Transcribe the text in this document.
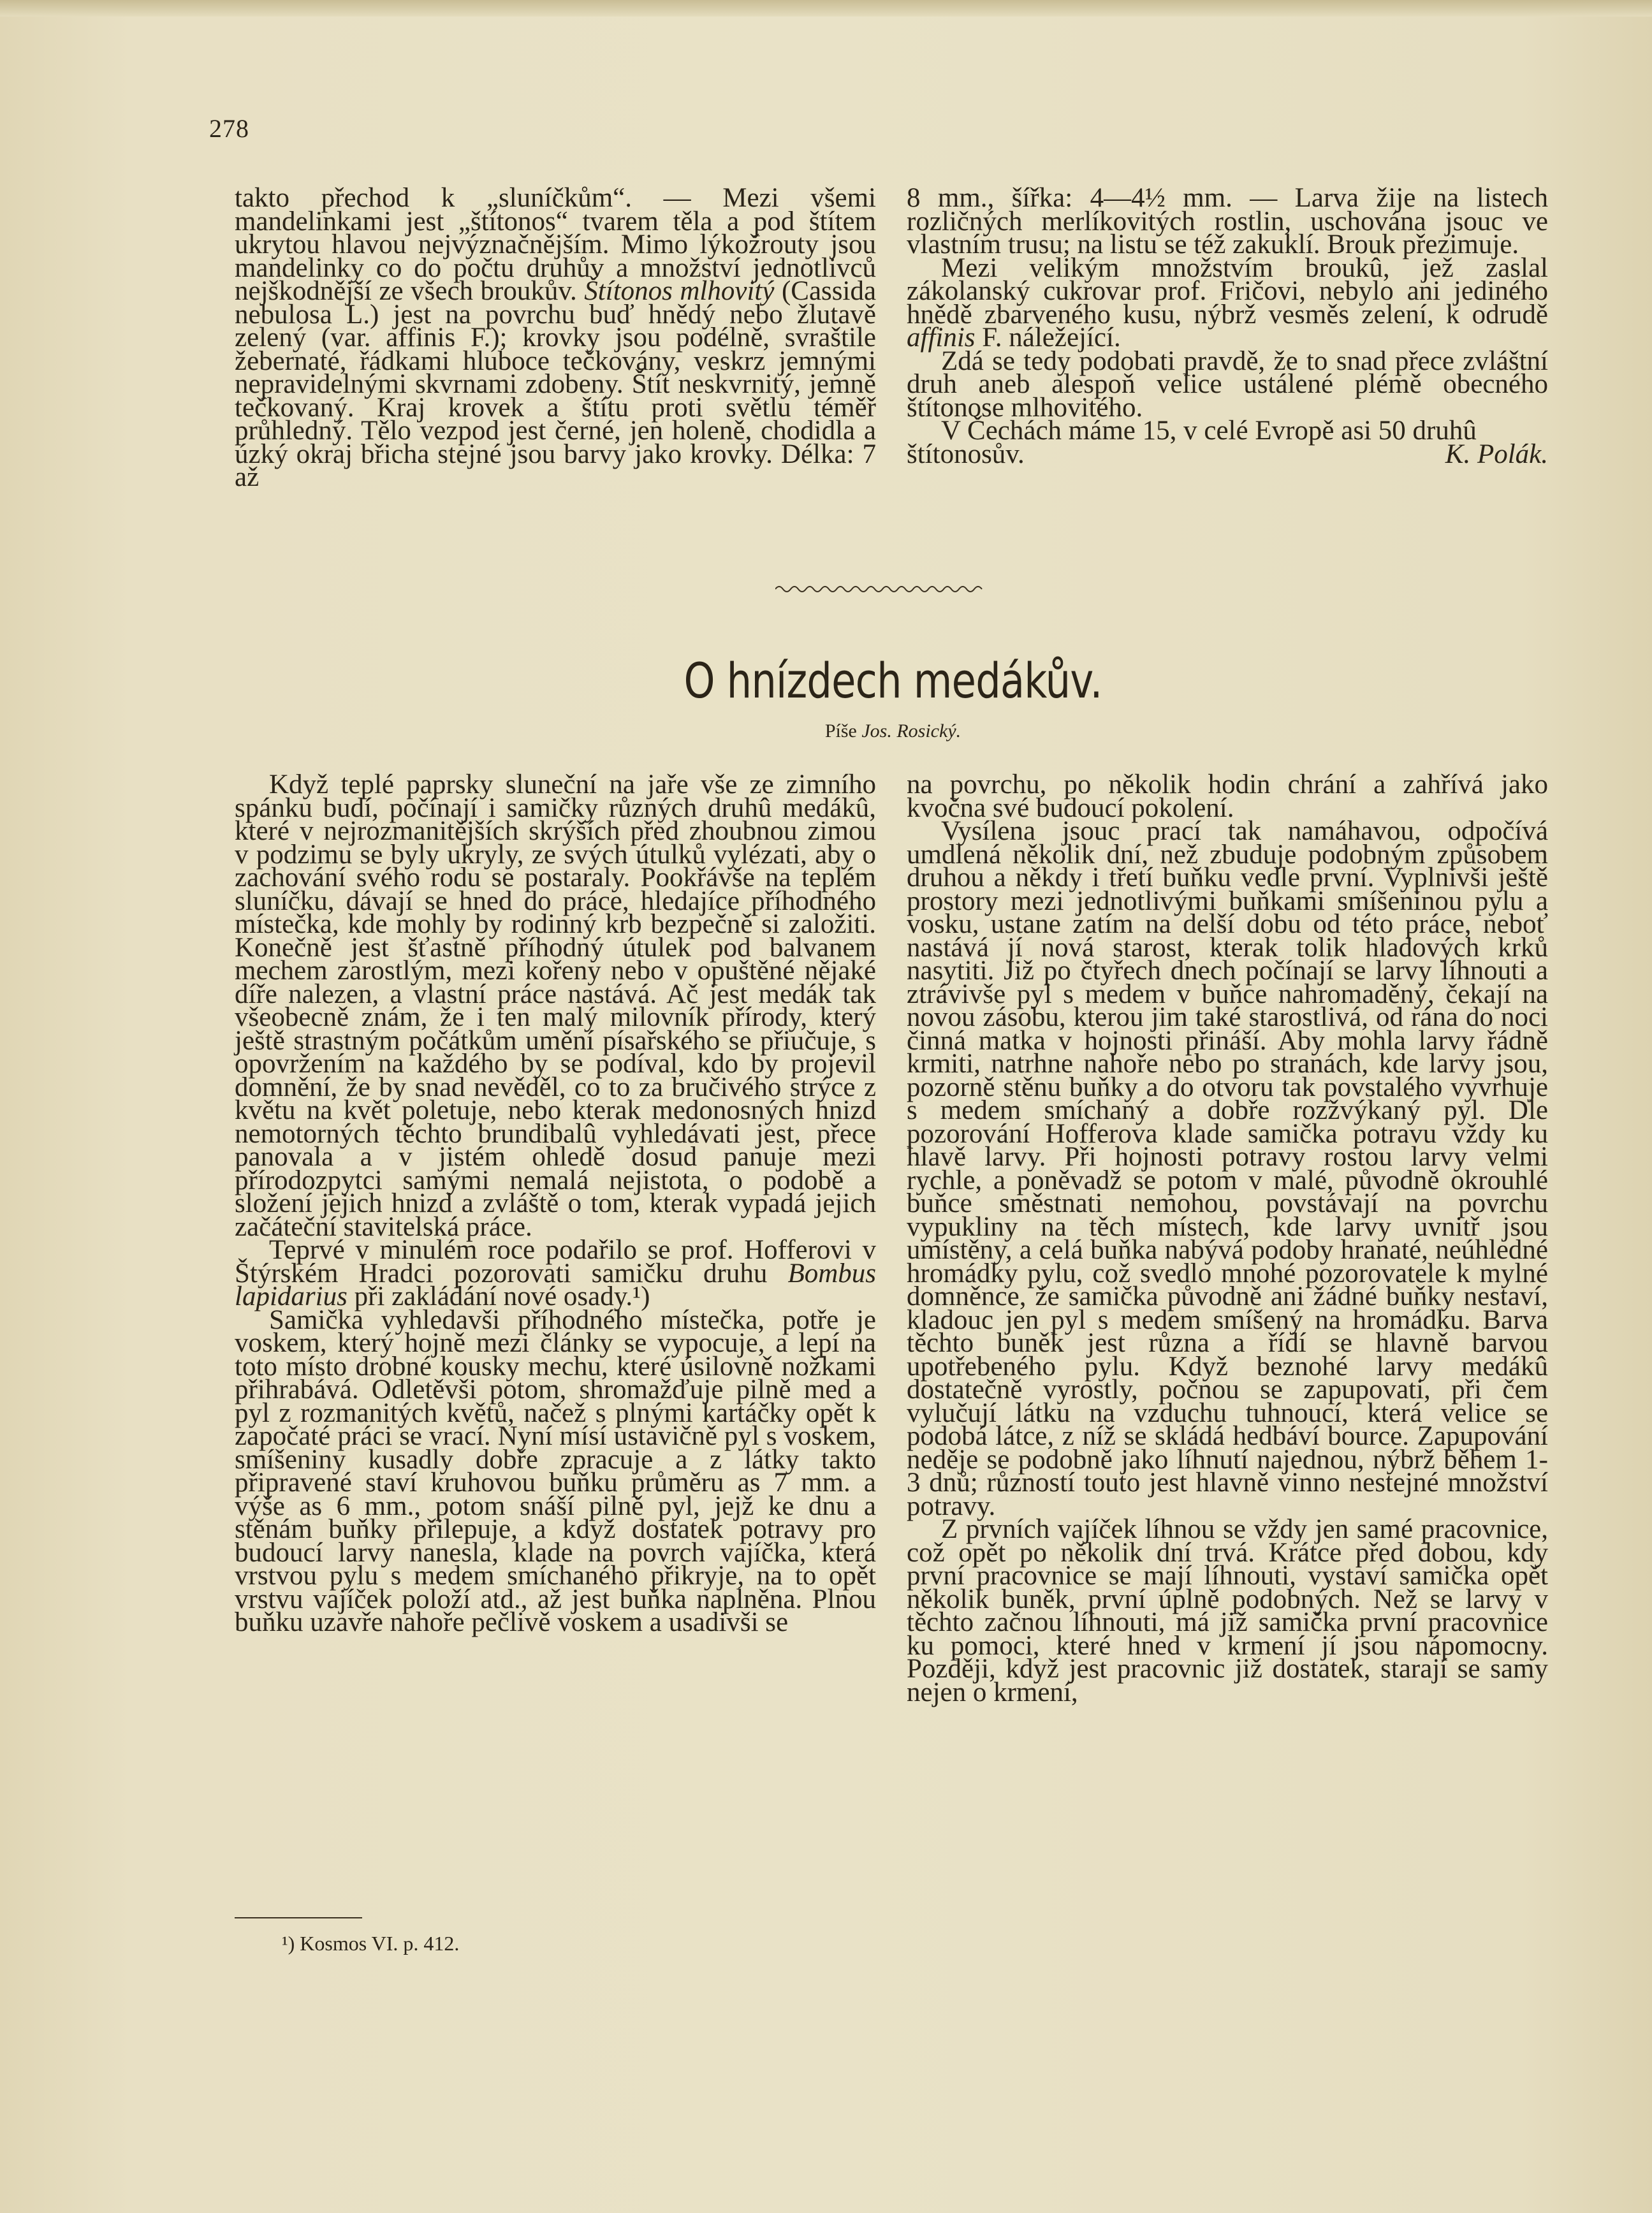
278

takto přechod k „sluníčkům“. — Mezi všemi mandelinkami jest „štítonos“ tvarem těla a pod štítem ukrytou hlavou nejvýznačnějším. Mimo lýkožrouty jsou mandelinky co do počtu druhův a množství jednotlivců nejškodnější ze všech broukův. Štítonos mlhovitý (Cassida nebulosa L.) jest na povrchu buď hnědý nebo žlutavě zelený (var. affinis F.); krovky jsou podélně, svraštile žebernaté, řádkami hluboce tečkovány, veskrz jemnými nepravidelnými skvrnami zdobeny. Štít neskvrnitý, jemně tečkovaný. Kraj krovek a štítu proti světlu téměř průhledný. Tělo vezpod jest černé, jen holeně, chodidla a úzký okraj břicha stejné jsou barvy jako krovky. Délka: 7 až

8 mm., šířka: 4—4½ mm. — Larva žije na listech rozličných merlíkovitých rostlin, uschována jsouc ve vlastním trusu; na listu se též zakuklí. Brouk přezimuje.

Mezi velikým množstvím broukû, jež zaslal zákolanský cukrovar prof. Fričovi, nebylo ani jediného hnědě zbarveného kusu, nýbrž vesměs zelení, k odrudě affinis F. náležející.

Zdá se tedy podobati pravdě, že to snad přece zvláštní druh aneb alespoň velice ustálené plémě obecného štítonose mlhovitého.

V Čechách máme 15, v celé Evropě asi 50 druhû

štítonosův.	K. Polák.
O hnízdech medákův.
Píše Jos. Rosický.

Když teplé paprsky sluneční na jaře vše ze zimního spánku budí, počínají i samičky různých druhû medákû, které v nejrozmanitějších skrýších před zhoubnou zimou v podzimu se byly ukryly, ze svých útulků vylézati, aby o zachování svého rodu se postaraly. Pookřávše na teplém sluníčku, dávají se hned do práce, hledajíce příhodného místečka, kde mohly by rodinný krb bezpečně si založiti. Konečně jest šťastně příhodný útulek pod balvanem mechem zarostlým, mezi kořeny nebo v opuštěné nějaké díře nalezen, a vlastní práce nastává. Ač jest medák tak všeobecně znám, že i ten malý milovník přírody, který ještě strastným počátkům umění písařského se přiučuje, s opovržením na každého by se podíval, kdo by projevil domnění, že by snad nevěděl, co to za bručivého strýce z květu na květ poletuje, nebo kterak medonosných hnizd nemotorných těchto brundibalû vyhledávati jest, přece panovala a v jistém ohledě dosud panuje mezi přírodozpytci samými nemalá nejistota, o podobě a složení jejich hnizd a zvláště o tom, kterak vypadá jejich začáteční stavitelská práce.

Teprvé v minulém roce podařilo se prof. Hofferovi v Štýrském Hradci pozorovati samičku druhu Bombus lapidarius při zakládání nové osady.¹)

Samička vyhledavši příhodného místečka, potře je voskem, který hojně mezi články se vypocuje, a lepí na toto místo drobné kousky mechu, které úsilovně nožkami přihrabává. Odletěvši potom, shromažďuje pilně med a pyl z rozmanitých květů, načež s plnými kartáčky opět k započaté práci se vrací. Nyní mísí ustavičně pyl s voskem, smíšeniny kusadly dobře zpracuje a z látky takto připravené staví kruhovou buňku průměru as 7 mm. a výše as 6 mm., potom snáší pilně pyl, jejž ke dnu a stěnám buňky přilepuje, a když dostatek potravy pro budoucí larvy nanesla, klade na povrch vajíčka, která vrstvou pylu s medem smíchaného přikryje, na to opět vrstvu vajíček položí atd., až jest buňka naplněna. Plnou buňku uzavře nahoře pečlivě voskem a usadivši se

na povrchu, po několik hodin chrání a zahřívá jako kvočna své budoucí pokolení.

Vysílena jsouc prací tak namáhavou, odpočívá umdlená několik dní, než zbuduje podobným způsobem druhou a někdy i třetí buňku vedle první. Vyplnivši ještě prostory mezi jednotlivými buňkami smíšeninou pylu a vosku, ustane zatím na delší dobu od této práce, neboť nastává jí nová starost, kterak tolik hladových krků nasytiti. Již po čtyřech dnech počínají se larvy líhnouti a ztrávivše pyl s medem v buňce nahromaděný, čekají na novou zásobu, kterou jim také starostlivá, od rána do noci činná matka v hojnosti přináší. Aby mohla larvy řádně krmiti, natrhne nahoře nebo po stranách, kde larvy jsou, pozorně stěnu buňky a do otvoru tak povstalého vyvrhuje s medem smíchaný a dobře rozžvýkaný pyl. Dle pozorování Hofferova klade samička potravu vždy ku hlavě larvy. Při hojnosti potravy rostou larvy velmi rychle, a poněvadž se potom v malé, původně okrouhlé buňce směstnati nemohou, povstávají na povrchu vypukliny na těch místech, kde larvy uvnitř jsou umístěny, a celá buňka nabývá podoby hranaté, neúhledné hromádky pylu, což svedlo mnohé pozorovatele k mylné domněnce, že samička původně ani žádné buňky nestaví, kladouc jen pyl s medem smíšený na hromádku. Barva těchto buněk jest různa a řídí se hlavně barvou upotřebeného pylu. Když beznohé larvy medákû dostatečně vyrostly, počnou se zapupovati, při čem vylučují látku na vzduchu tuhnoucí, která velice se podobá látce, z níž se skládá hedbáví bource. Zapupování neděje se podobně jako líhnutí najednou, nýbrž během 1-3 dnů; růzností touto jest hlavně vinno nestejné množství potravy.

Z prvních vajíček líhnou se vždy jen samé pracovnice, což opět po několik dní trvá. Krátce před dobou, kdy první pracovnice se mají líhnouti, vystaví samička opět několik buněk, první úplně podobných. Než se larvy v těchto začnou líhnouti, má již samička první pracovnice ku pomoci, které hned v krmení jí jsou nápomocny. Později, když jest pracovnic již dostatek, starají se samy nejen o krmení,

¹) Kosmos VI. p. 412.
